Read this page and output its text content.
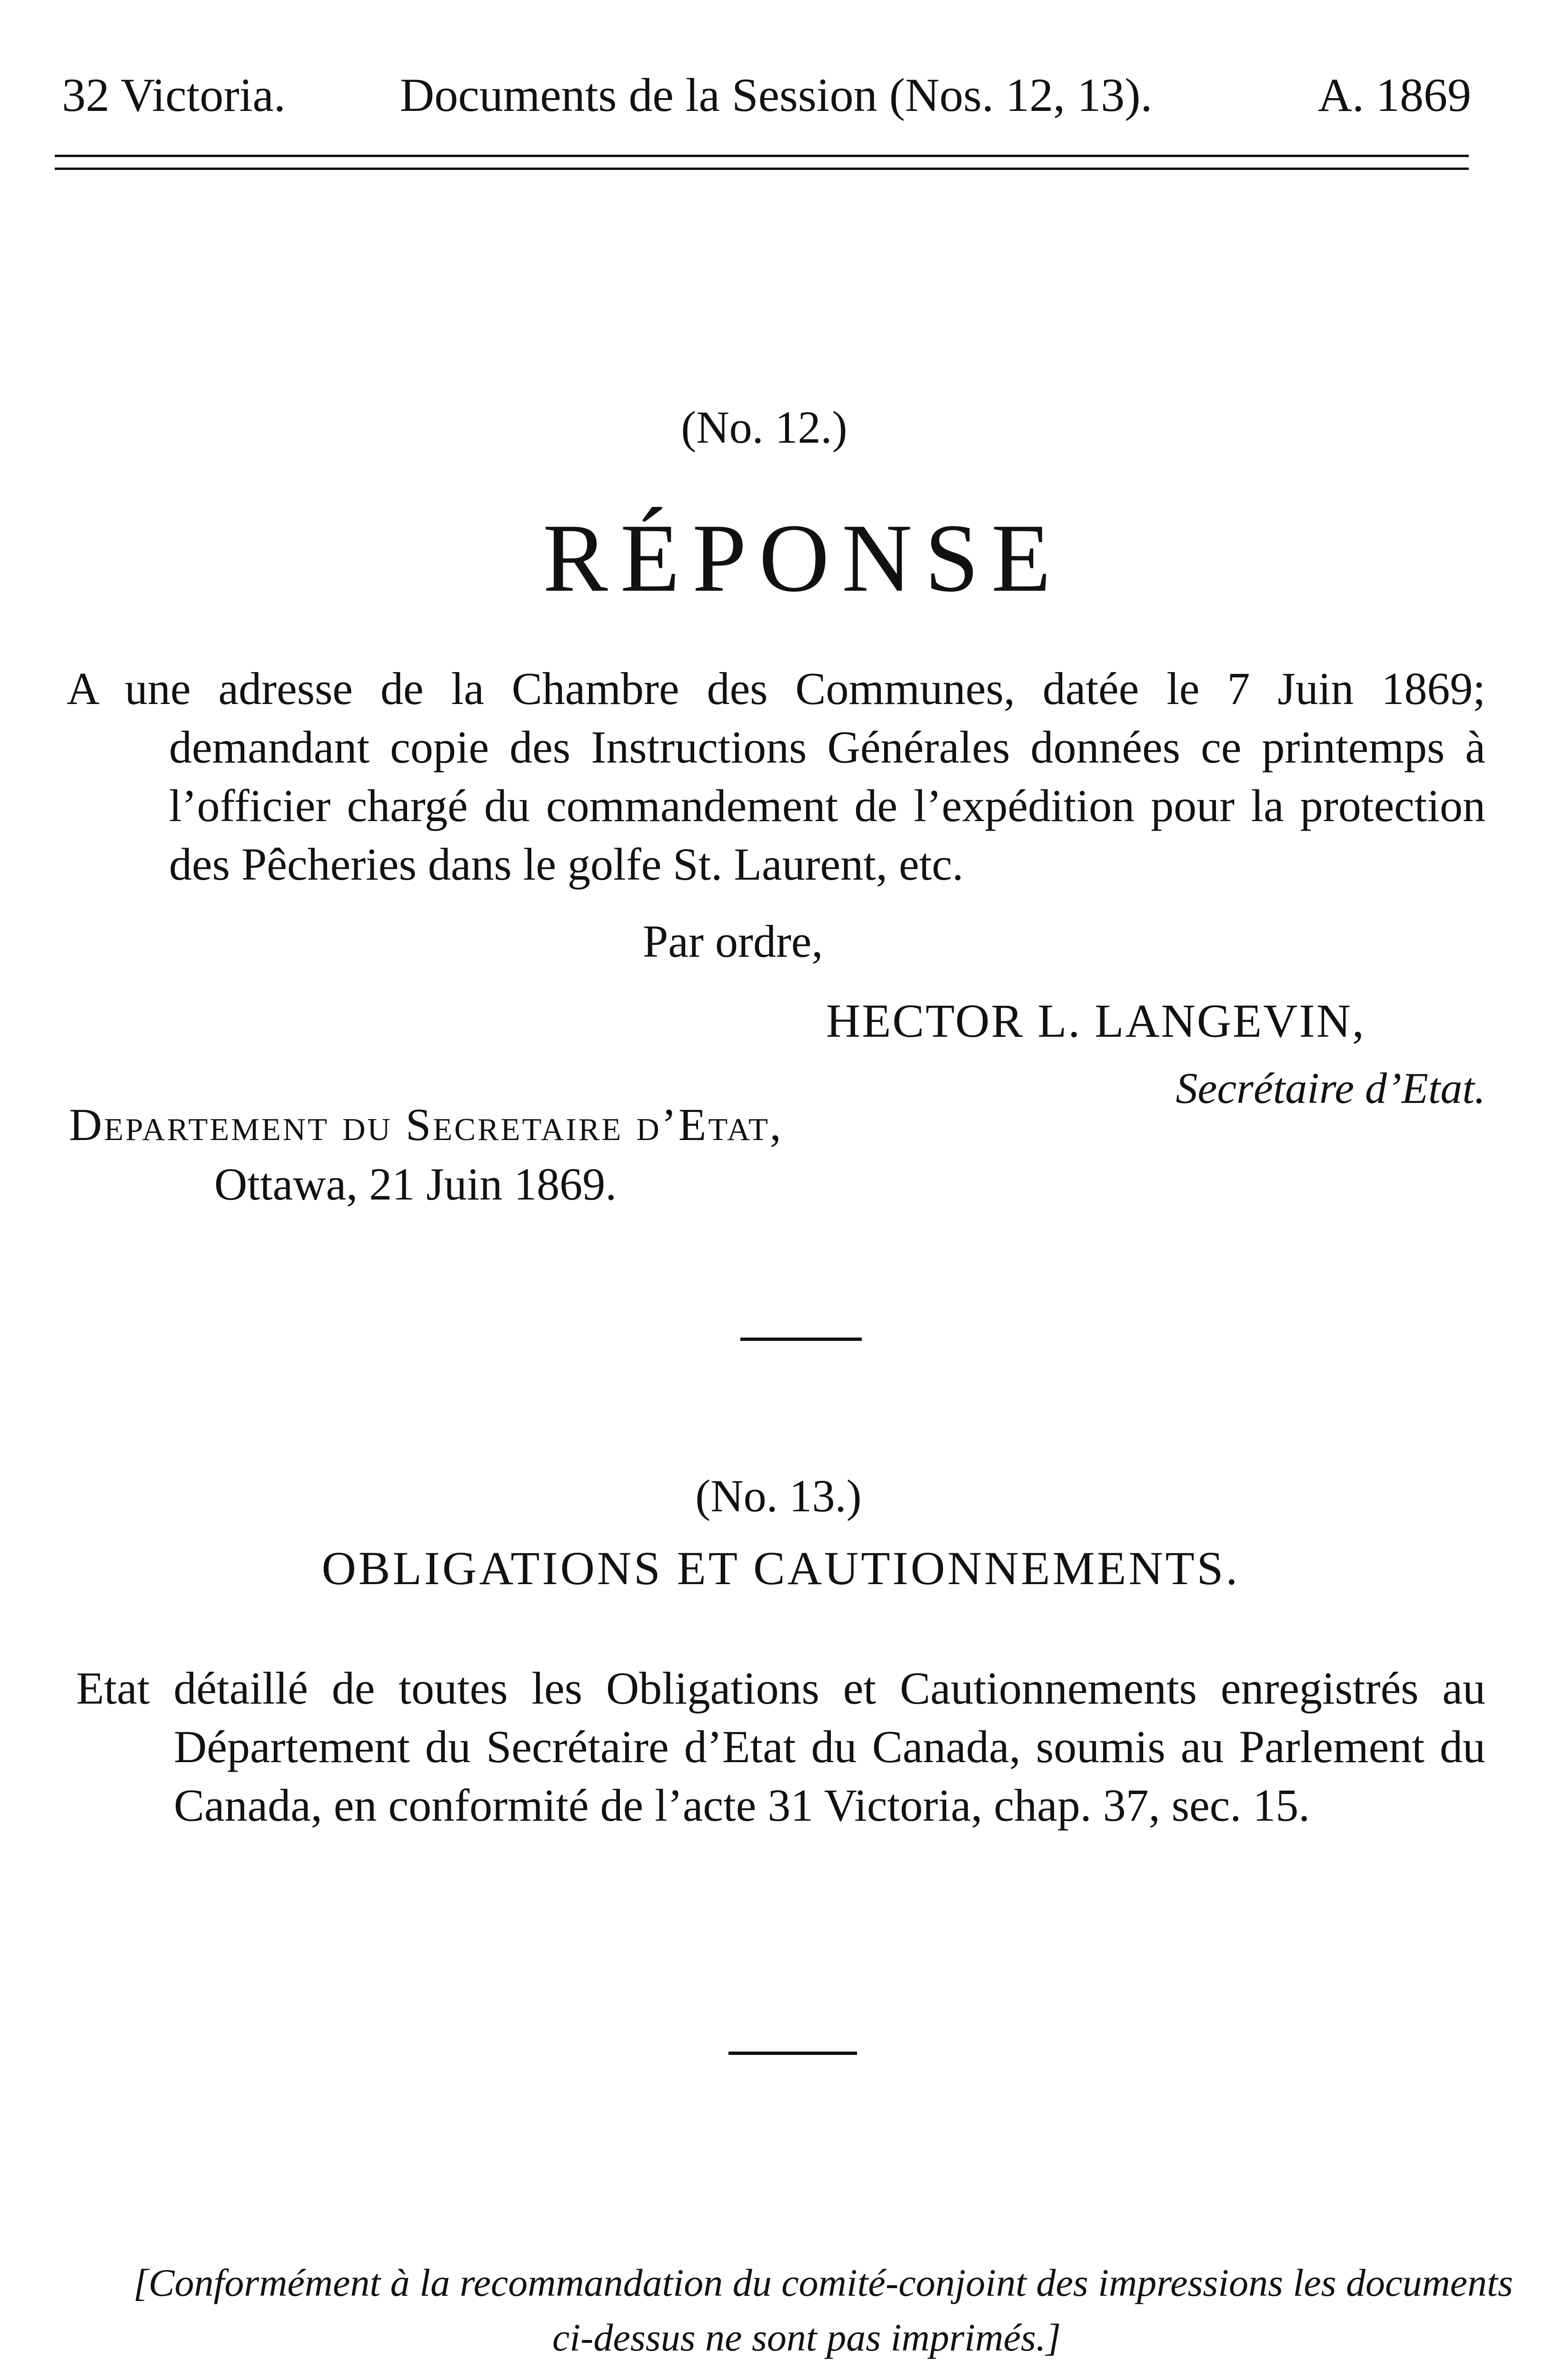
32 Victoria. Documents de la Session (Nos. 12, 13).	A. 1869
(No. 12.)
RÉPONSE
A une adresse de la Chambre des Communes, datée le 7 Juin 1869; demandant copie des Instructions Générales données ce printemps à l’officier chargé du commandement de l’expédition pour la protection des Pêcheries dans le golfe St. Laurent, etc.
Par ordre,
HECTOR L. LANGEVIN,
Secrétaire d’Etat.
Departement du Secretaire d’Etat,
Ottawa, 21 Juin 1869.
(No. 13.)
OBLIGATIONS ET CAUTIONNEMENTS.
Etat détaillé de toutes les Obligations et Cautionnements enregistrés au Département du Secrétaire d’Etat du Canada, soumis au Parlement du Canada, en conformité de l’acte 31 Victoria, chap. 37, sec. 15.
[Conformément à la recommandation du comité-conjoint des impressions les documents
ci-dessus ne sont pas imprimés.]
